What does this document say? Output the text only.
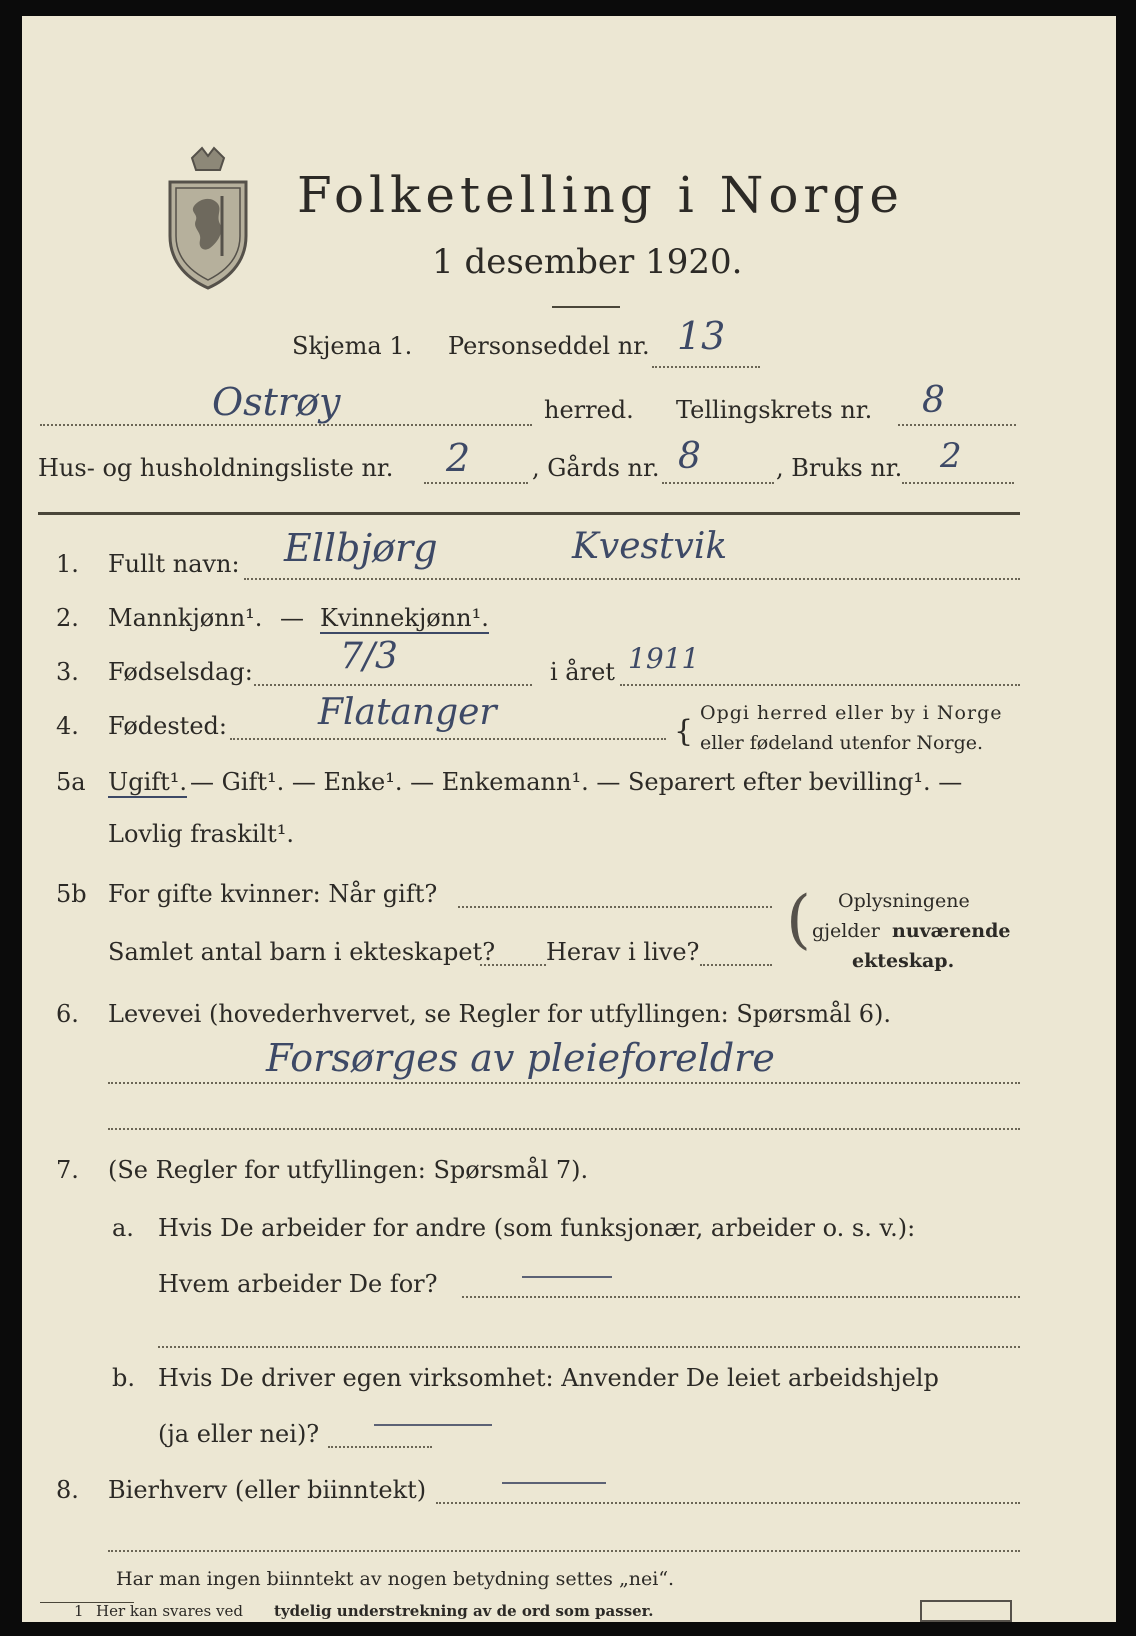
Folketelling i Norge
1 desember 1920.
Skjema 1. Personseddel nr. 13
Ostrøy	herred. Tellingskrets nr. 8
Hus- og husholdningsliste nr. 2	, Gårds nr. 8	, Bruks nr. 2
1. Fullt navn: Ellbjørg	Kvestvik
2. Mannkjønn¹. — Kvinnekjønn¹.
3. Fødselsdag: 7/3	i året 1911
4. Fødested:	Flatanger	{
Opgi herred eller by i Norge
eller fødeland utenfor Norge.
5a Ugift¹. — Gift¹. — Enke¹. — Enkemann¹. — Separert efter bevilling¹. —
Lovlig fraskilt¹.
5b For gifte kvinner: Når gift?
Samlet antal barn i ekteskapet? Herav i live? ( Oplysningene
gjelder nuværende
ekteskap.
6. Levevei (hovederhvervet, se Regler for utfyllingen: Spørsmål 6).
Forsørges av pleieforeldre
7. (Se Regler for utfyllingen: Spørsmål 7).
a. Hvis De arbeider for andre (som funksjonær, arbeider o. s. v.):
Hvem arbeider De for?
b. Hvis De driver egen virksomhet: Anvender De leiet arbeidshjelp
(ja eller nei)?
8. Bierhverv (eller biinntekt)
Har man ingen biinntekt av nogen betydning settes „nei“.
1 Her kan svares ved tydelig understrekning av de ord som passer.
